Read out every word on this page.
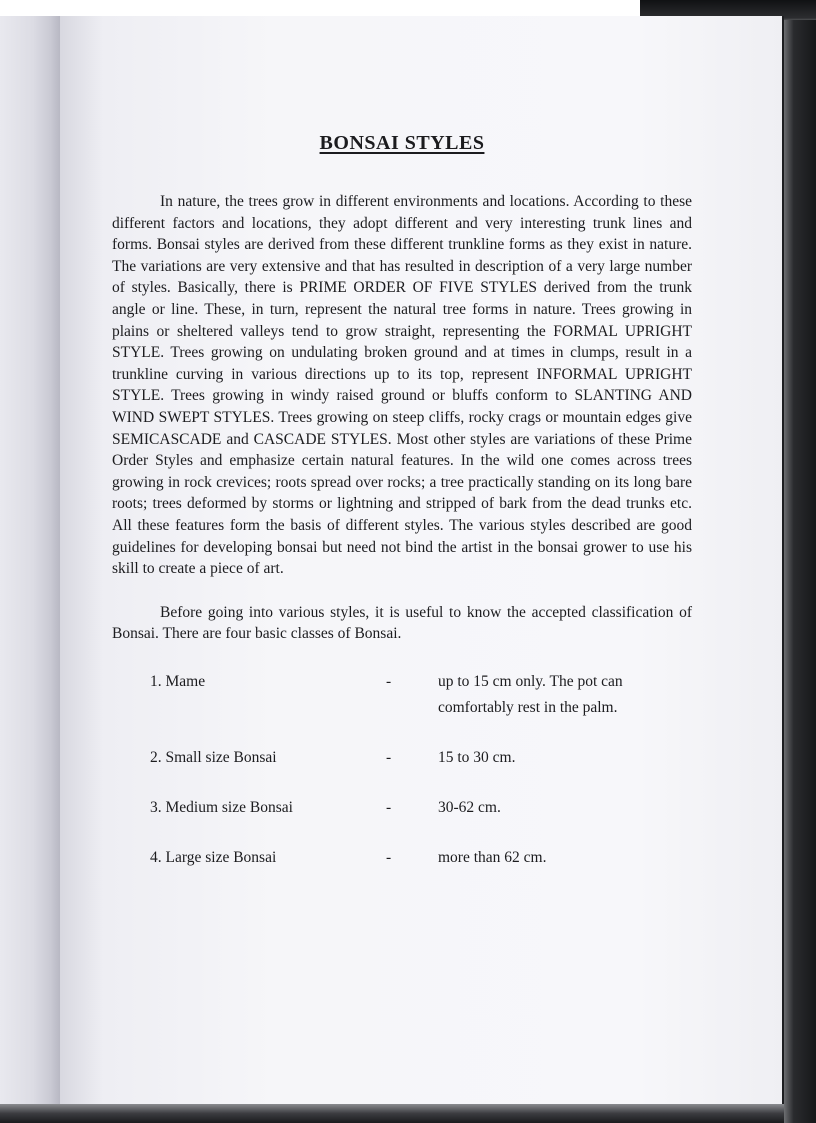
BONSAI STYLES

In nature, the trees grow in different environments and locations. According to these different factors and locations, they adopt different and very interesting trunk lines and forms. Bonsai styles are derived from these different trunkline forms as they exist in nature. The variations are very extensive and that has resulted in description of a very large number of styles. Basically, there is PRIME ORDER OF FIVE STYLES derived from the trunk angle or line. These, in turn, represent the natural tree forms in nature. Trees growing in plains or sheltered valleys tend to grow straight, representing the FORMAL UPRIGHT STYLE. Trees growing on undulating broken ground and at times in clumps, result in a trunkline curving in various directions up to its top, represent INFORMAL UPRIGHT STYLE. Trees growing in windy raised ground or bluffs conform to SLANTING AND WIND SWEPT STYLES. Trees growing on steep cliffs, rocky crags or mountain edges give SEMICASCADE and CASCADE STYLES. Most other styles are variations of these Prime Order Styles and emphasize certain natural features. In the wild one comes across trees growing in rock crevices; roots spread over rocks; a tree practically standing on its long bare roots; trees deformed by storms or lightning and stripped of bark from the dead trunks etc. All these features form the basis of different styles. The various styles described are good guidelines for developing bonsai but need not bind the artist in the bonsai grower to use his skill to create a piece of art.

Before going into various styles, it is useful to know the accepted classification of Bonsai. There are four basic classes of Bonsai.

1. Mame	-	up to 15 cm only. The pot can comfortably rest in the palm.
2. Small size Bonsai	-	15 to 30 cm.
3. Medium size Bonsai	-	30-62 cm.
4. Large size Bonsai	-	more than 62 cm.
